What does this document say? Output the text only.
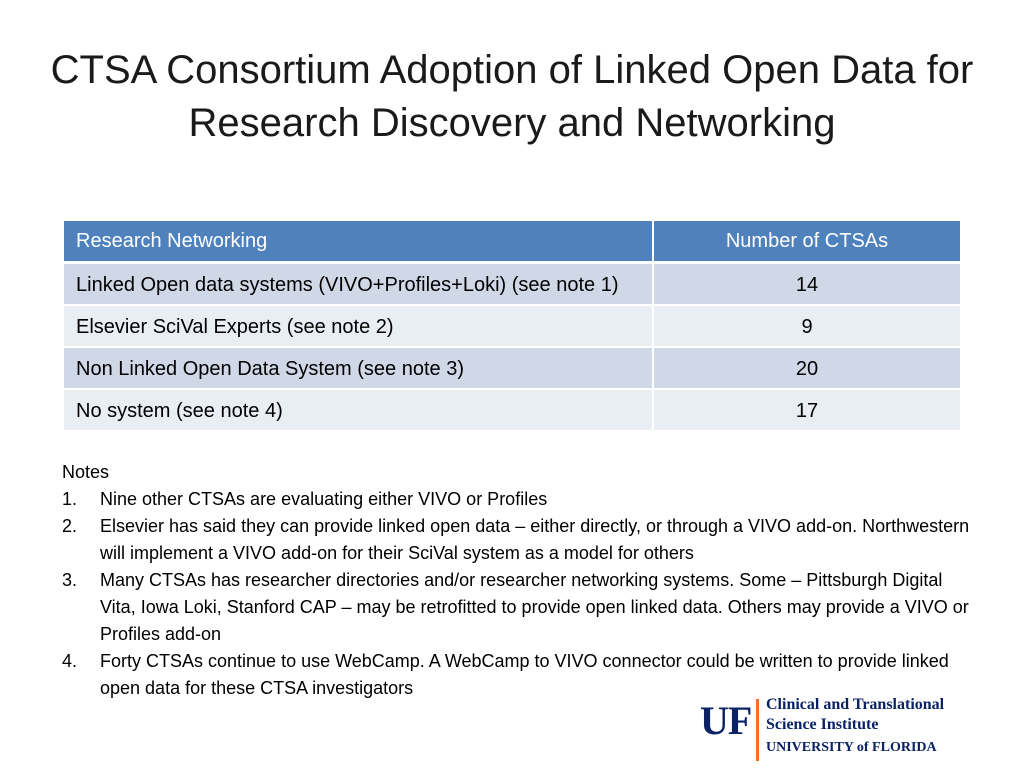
CTSA Consortium Adoption of Linked Open Data for
Research Discovery and Networking
Research Networking	Number of CTSAs
Linked Open data systems (VIVO+Profiles+Loki) (see note 1)	14
Elsevier SciVal Experts (see note 2)	9
Non Linked Open Data System (see note 3)	20
No system (see note 4)	17
Notes
1. Nine other CTSAs are evaluating either VIVO or Profiles
2. Elsevier has said they can provide linked open data – either directly, or through a VIVO add-on. Northwestern will implement a VIVO add-on for their SciVal system as a model for others
3. Many CTSAs has researcher directories and/or researcher networking systems. Some – Pittsburgh Digital Vita, Iowa Loki, Stanford CAP – may be retrofitted to provide open linked data. Others may provide a VIVO or Profiles add-on
4. Forty CTSAs continue to use WebCamp. A WebCamp to VIVO connector could be written to provide linked open data for these CTSA investigators
UF Clinical and Translational
Science Institute
UNIVERSITY of FLORIDA
